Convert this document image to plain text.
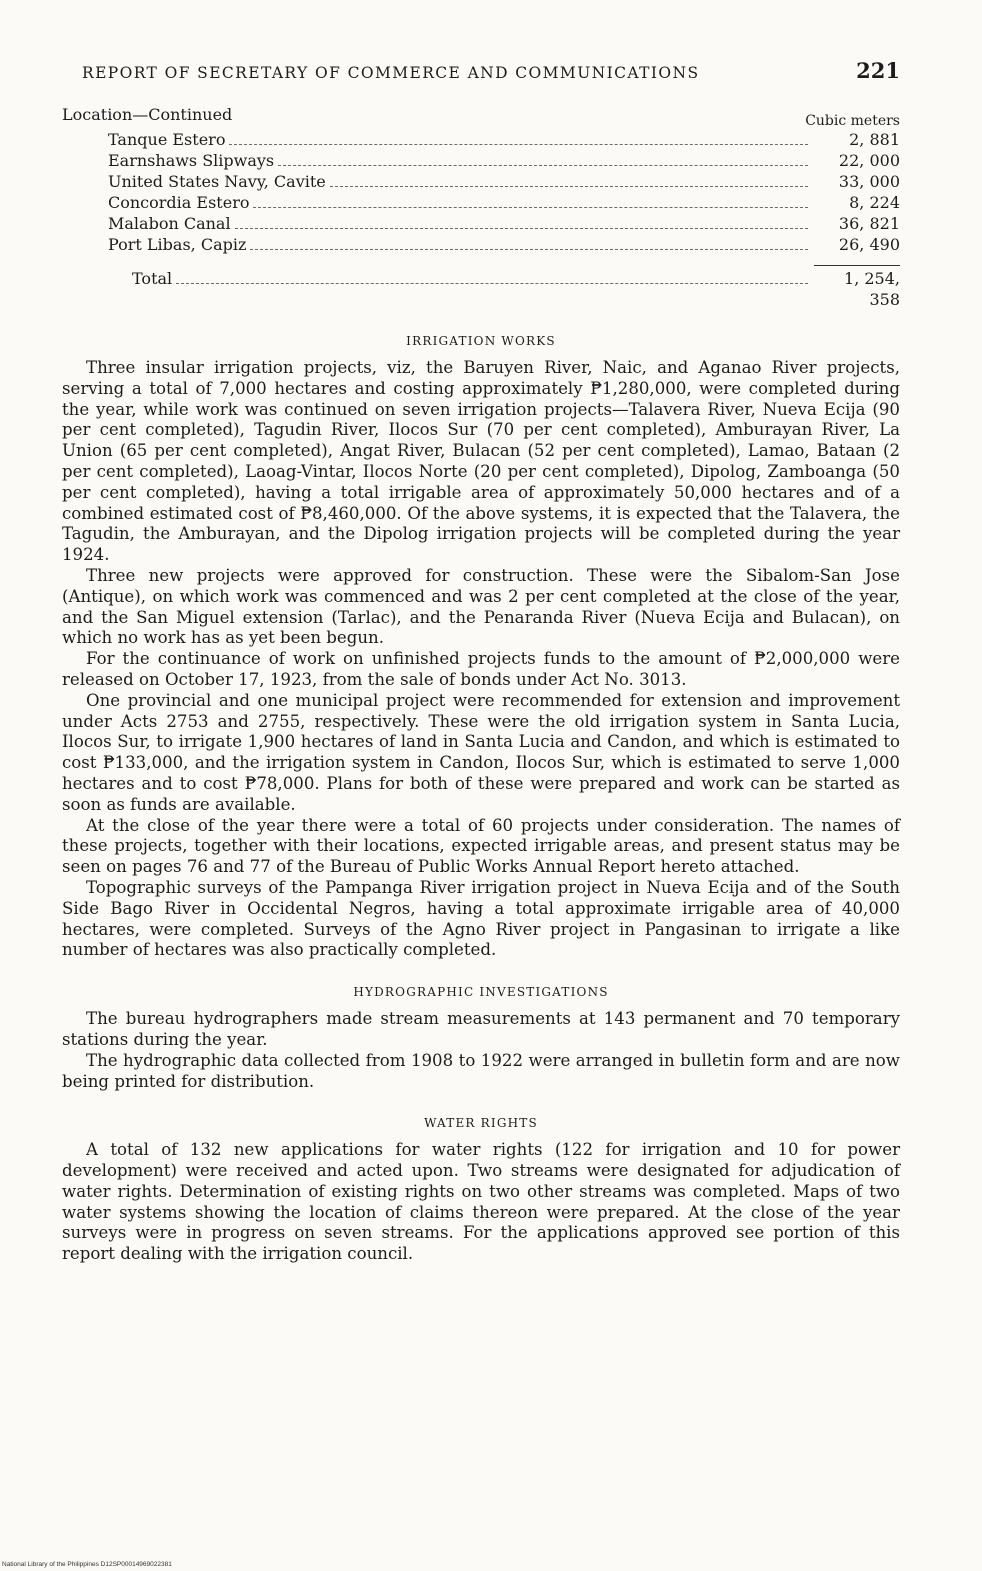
REPORT OF SECRETARY OF COMMERCE AND COMMUNICATIONS	221
Location—Continued	Cubic meters
Tanque Estero	2, 881
Earnshaws Slipways	22, 000
United States Navy, Cavite	33, 000
Concordia Estero	8, 224
Malabon Canal	36, 821
Port Libas, Capiz	26, 490
Total	1, 254, 358
IRRIGATION WORKS

Three insular irrigation projects, viz, the Baruyen River, Naic, and Aganao River projects, serving a total of 7,000 hectares and costing approximately ₱1,280,000, were completed during the year, while work was continued on seven irrigation projects—Talavera River, Nueva Ecija (90 per cent completed), Tagudin River, Ilocos Sur (70 per cent completed), Amburayan River, La Union (65 per cent completed), Angat River, Bulacan (52 per cent completed), Lamao, Bataan (2 per cent completed), Laoag-Vintar, Ilocos Norte (20 per cent completed), Dipolog, Zamboanga (50 per cent completed), having a total irrigable area of approximately 50,000 hectares and of a combined estimated cost of ₱8,460,000. Of the above systems, it is expected that the Talavera, the Tagudin, the Amburayan, and the Dipolog irrigation projects will be completed during the year 1924.

Three new projects were approved for construction. These were the Sibalom-San Jose (Antique), on which work was commenced and was 2 per cent completed at the close of the year, and the San Miguel extension (Tarlac), and the Penaranda River (Nueva Ecija and Bulacan), on which no work has as yet been begun.

For the continuance of work on unfinished projects funds to the amount of ₱2,000,000 were released on October 17, 1923, from the sale of bonds under Act No. 3013.

One provincial and one municipal project were recommended for extension and improvement under Acts 2753 and 2755, respectively. These were the old irrigation system in Santa Lucia, Ilocos Sur, to irrigate 1,900 hectares of land in Santa Lucia and Candon, and which is estimated to cost ₱133,000, and the irrigation system in Candon, Ilocos Sur, which is estimated to serve 1,000 hectares and to cost ₱78,000. Plans for both of these were prepared and work can be started as soon as funds are available.

At the close of the year there were a total of 60 projects under consideration. The names of these projects, together with their locations, expected irrigable areas, and present status may be seen on pages 76 and 77 of the Bureau of Public Works Annual Report hereto attached.

Topographic surveys of the Pampanga River irrigation project in Nueva Ecija and of the South Side Bago River in Occidental Negros, having a total approximate irrigable area of 40,000 hectares, were completed. Surveys of the Agno River project in Pangasinan to irrigate a like number of hectares was also practically completed.

HYDROGRAPHIC INVESTIGATIONS

The bureau hydrographers made stream measurements at 143 permanent and 70 temporary stations during the year.

The hydrographic data collected from 1908 to 1922 were arranged in bulletin form and are now being printed for distribution.

WATER RIGHTS

A total of 132 new applications for water rights (122 for irrigation and 10 for power development) were received and acted upon. Two streams were designated for adjudication of water rights. Determination of existing rights on two other streams was completed. Maps of two water systems showing the location of claims thereon were prepared. At the close of the year surveys were in progress on seven streams. For the applications approved see portion of this report dealing with the irrigation council.

National Library of the Philippines D12SP00014969022381
